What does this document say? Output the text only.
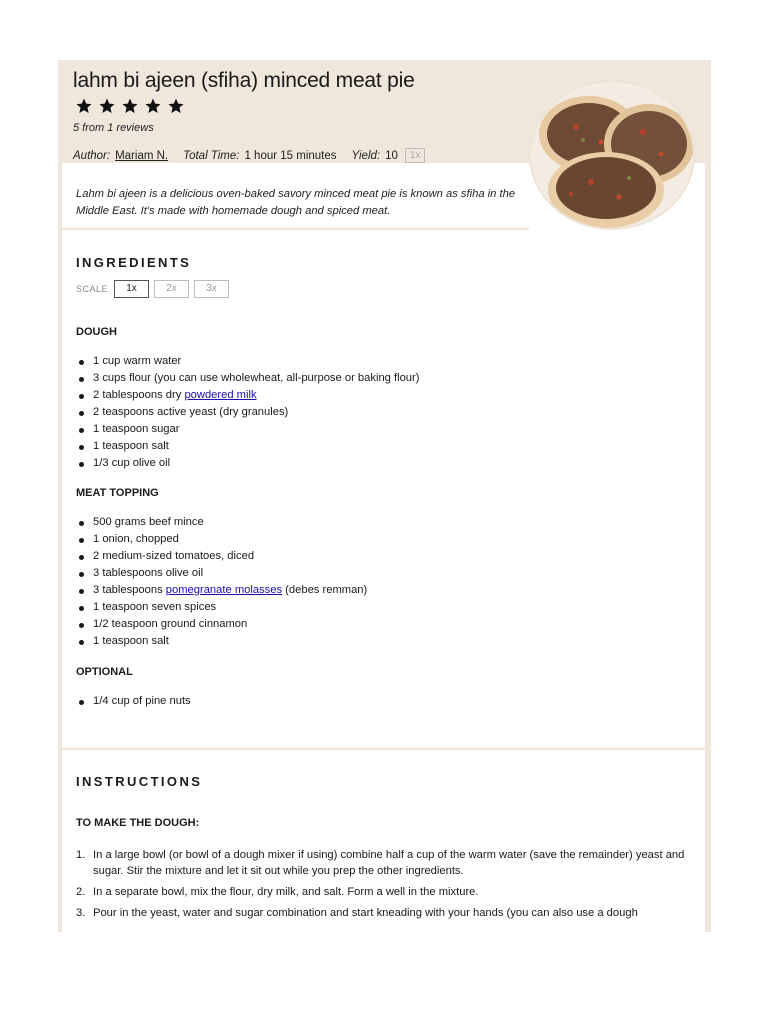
lahm bi ajeen (sfiha) minced meat pie
5 from 1 reviews
Author: Mariam N. Total Time: 1 hour 15 minutes Yield: 10	1x

Lahm bi ajeen is a delicious oven-baked savory minced meat pie is known as sfiha in the Middle East. It's made with homemade dough and spiced meat.

INGREDIENTS
SCALE	1x	2x	3x
DOUGH
1 cup warm water
3 cups flour (you can use wholewheat, all-purpose or baking flour)
2 tablespoons dry powdered milk
2 teaspoons active yeast (dry granules)
1 teaspoon sugar
1 teaspoon salt
1/3 cup olive oil
MEAT TOPPING
500 grams beef mince
1 onion, chopped
2 medium-sized tomatoes, diced
3 tablespoons olive oil
3 tablespoons pomegranate molasses (debes remman)
1 teaspoon seven spices
1/2 teaspoon ground cinnamon
1 teaspoon salt
OPTIONAL
1/4 cup of pine nuts
INSTRUCTIONS
TO MAKE THE DOUGH:
1. In a large bowl (or bowl of a dough mixer if using) combine half a cup of the warm water (save the remainder) yeast and sugar. Stir the mixture and let it sit out while you prep the other ingredients.
2. In a separate bowl, mix the flour, dry milk, and salt. Form a well in the mixture.
3. Pour in the yeast, water and sugar combination and start kneading with your hands (you can also use a dough
